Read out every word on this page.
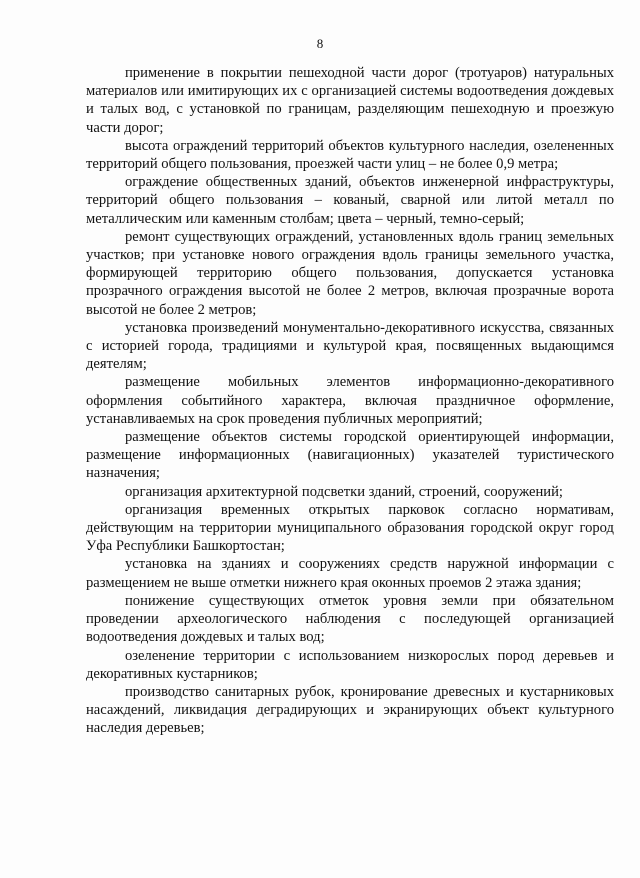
8

применение в покрытии пешеходной части дорог (тротуаров) натуральных материалов или имитирующих их с организацией системы водоотведения дождевых и талых вод, с установкой по границам, разделяющим пешеходную и проезжую части дорог;

высота ограждений территорий объектов культурного наследия, озелененных территорий общего пользования, проезжей части улиц – не более 0,9 метра;

ограждение общественных зданий, объектов инженерной инфраструктуры, территорий общего пользования – кованый, сварной или литой металл по металлическим или каменным столбам; цвета – черный, темно-серый;

ремонт существующих ограждений, установленных вдоль границ земельных участков; при установке нового ограждения вдоль границы земельного участка, формирующей территорию общего пользования, допускается установка прозрачного ограждения высотой не более 2 метров, включая прозрачные ворота высотой не более 2 метров;

установка произведений монументально-декоративного искусства, связанных с историей города, традициями и культурой края, посвященных выдающимся деятелям;

размещение мобильных элементов информационно-декоративного оформления событийного характера, включая праздничное оформление, устанавливаемых на срок проведения публичных мероприятий;

размещение объектов системы городской ориентирующей информации, размещение информационных (навигационных) указателей туристического назначения;

организация архитектурной подсветки зданий, строений, сооружений;

организация временных открытых парковок согласно нормативам, действующим на территории муниципального образования городской округ город Уфа Республики Башкортостан;

установка на зданиях и сооружениях средств наружной информации с размещением не выше отметки нижнего края оконных проемов 2 этажа здания;

понижение существующих отметок уровня земли при обязательном проведении археологического наблюдения с последующей организацией водоотведения дождевых и талых вод;

озеленение территории с использованием низкорослых пород деревьев и декоративных кустарников;

производство санитарных рубок, кронирование древесных и кустарниковых насаждений, ликвидация деградирующих и экранирующих объект культурного наследия деревьев;
